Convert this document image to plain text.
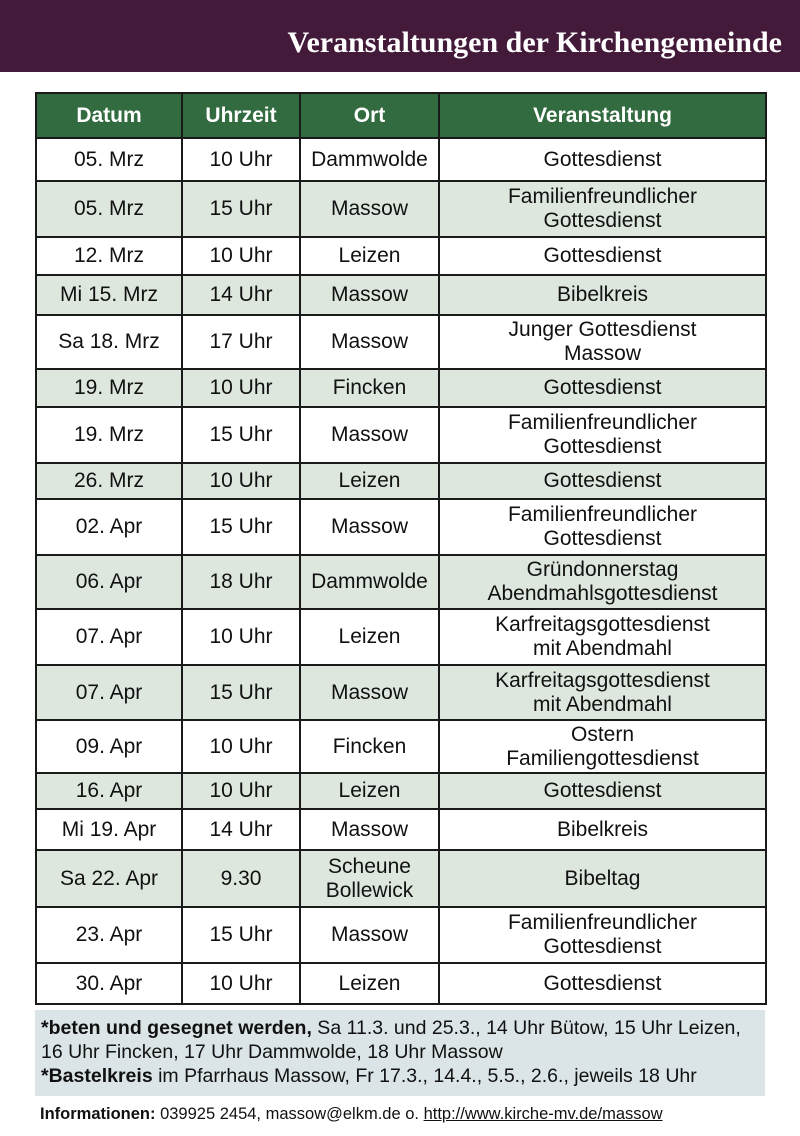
Veranstaltungen der Kirchengemeinde
Datum	Uhrzeit	Ort	Veranstaltung
05. Mrz	10 Uhr	Dammwolde	Gottesdienst

05. Mrz	15 Uhr	Massow	Familienfreundlicher
Gottesdienst

12. Mrz	10 Uhr	Leizen	Gottesdienst

Mi 15. Mrz	14 Uhr	Massow	Bibelkreis

Sa 18. Mrz	17 Uhr	Massow	Junger Gottesdienst
Massow

19. Mrz	10 Uhr	Fincken	Gottesdienst

19. Mrz	15 Uhr	Massow	Familienfreundlicher
Gottesdienst

26. Mrz	10 Uhr	Leizen	Gottesdienst

02. Apr	15 Uhr	Massow	Familienfreundlicher
Gottesdienst

06. Apr	18 Uhr	Dammwolde	Gründonnerstag
Abendmahlsgottesdienst

07. Apr	10 Uhr	Leizen	Karfreitagsgottesdienst
mit Abendmahl

07. Apr	15 Uhr	Massow	Karfreitagsgottesdienst
mit Abendmahl

09. Apr	10 Uhr	Fincken	Ostern
Familiengottesdienst

16. Apr	10 Uhr	Leizen	Gottesdienst

Mi 19. Apr	14 Uhr	Massow	Bibelkreis

Sa 22. Apr	9.30	Scheune Bollewick	Bibeltag

23. Apr	15 Uhr	Massow	Familienfreundlicher
Gottesdienst

30. Apr	10 Uhr	Leizen	Gottesdienst
*beten und gesegnet werden, Sa 11.3. und 25.3., 14 Uhr Bütow, 15 Uhr Leizen, 16 Uhr Fincken, 17 Uhr Dammwolde, 18 Uhr Massow
*Bastelkreis im Pfarrhaus Massow, Fr 17.3., 14.4., 5.5., 2.6., jeweils 18 Uhr
Informationen: 039925 2454, massow@elkm.de o. http://www.kirche-mv.de/massow
